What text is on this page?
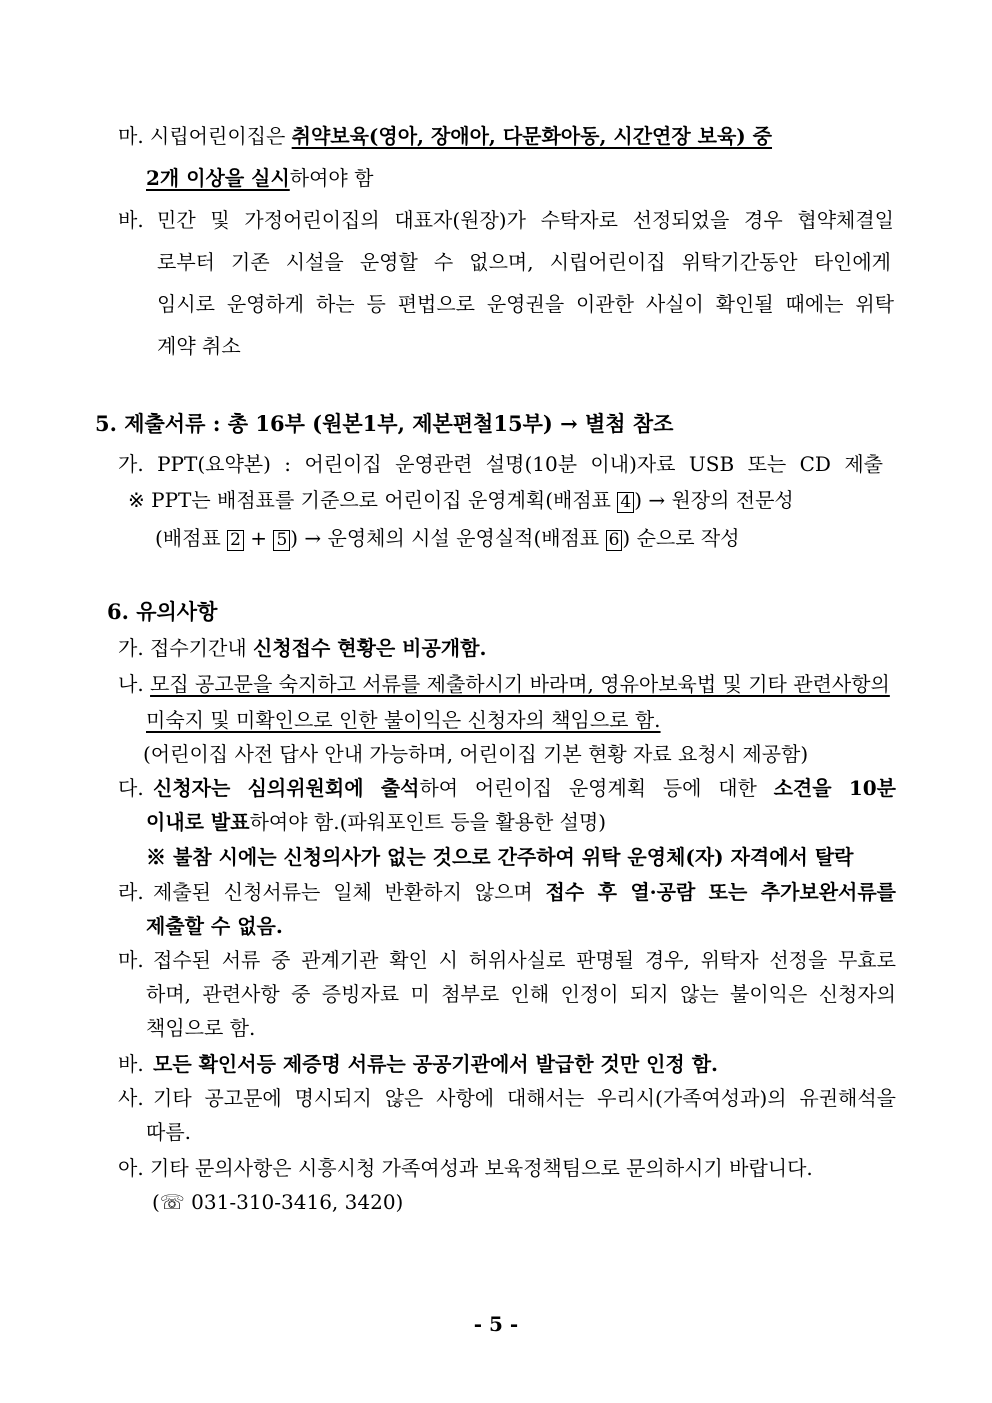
마. 시립어린이집은 취약보육(영아, 장애아, 다문화아동, 시간연장 보육) 중
2개 이상을 실시하여야 함
바. 민간 및 가정어린이집의 대표자(원장)가 수탁자로 선정되었을 경우 협약체결일
로부터 기존 시설을 운영할 수 없으며, 시립어린이집 위탁기간동안 타인에게
임시로 운영하게 하는 등 편법으로 운영권을 이관한 사실이 확인될 때에는 위탁
계약 취소
5. 제출서류 : 총 16부 (원본1부, 제본편철15부) → 별첨 참조
가. PPT(요약본) : 어린이집 운영관련 설명(10분 이내)자료 USB 또는 CD 제출
※ PPT는 배점표를 기준으로 어린이집 운영계획(배점표 4 ) → 원장의 전문성
(배점표 2 + 5 ) → 운영체의 시설 운영실적(배점표 6 ) 순으로 작성
6. 유의사항
가. 접수기간내 신청접수 현황은 비공개함.
나. 모집 공고문을 숙지하고 서류를 제출하시기 바라며, 영유아보육법 및 기타 관련사항의
미숙지 및 미확인으로 인한 불이익은 신청자의 책임으로 함.
(어린이집 사전 답사 안내 가능하며, 어린이집 기본 현황 자료 요청시 제공함)
다. 신청자는 심의위원회에 출석하여 어린이집 운영계획 등에 대한 소견을 10분
이내로 발표하여야 함.(파워포인트 등을 활용한 설명)
※ 불참 시에는 신청의사가 없는 것으로 간주하여 위탁 운영체(자) 자격에서 탈락
라. 제출된 신청서류는 일체 반환하지 않으며 접수 후 열·공람 또는 추가보완서류를
제출할 수 없음.
마. 접수된 서류 중 관계기관 확인 시 허위사실로 판명될 경우, 위탁자 선정을 무효로
하며, 관련사항 중 증빙자료 미 첨부로 인해 인정이 되지 않는 불이익은 신청자의
책임으로 함.
바. 모든 확인서등 제증명 서류는 공공기관에서 발급한 것만 인정 함.
사. 기타 공고문에 명시되지 않은 사항에 대해서는 우리시(가족여성과)의 유권해석을
따름.
아. 기타 문의사항은 시흥시청 가족여성과 보육정책팀으로 문의하시기 바랍니다.
(☏ 031-310-3416, 3420)
- 5 -
